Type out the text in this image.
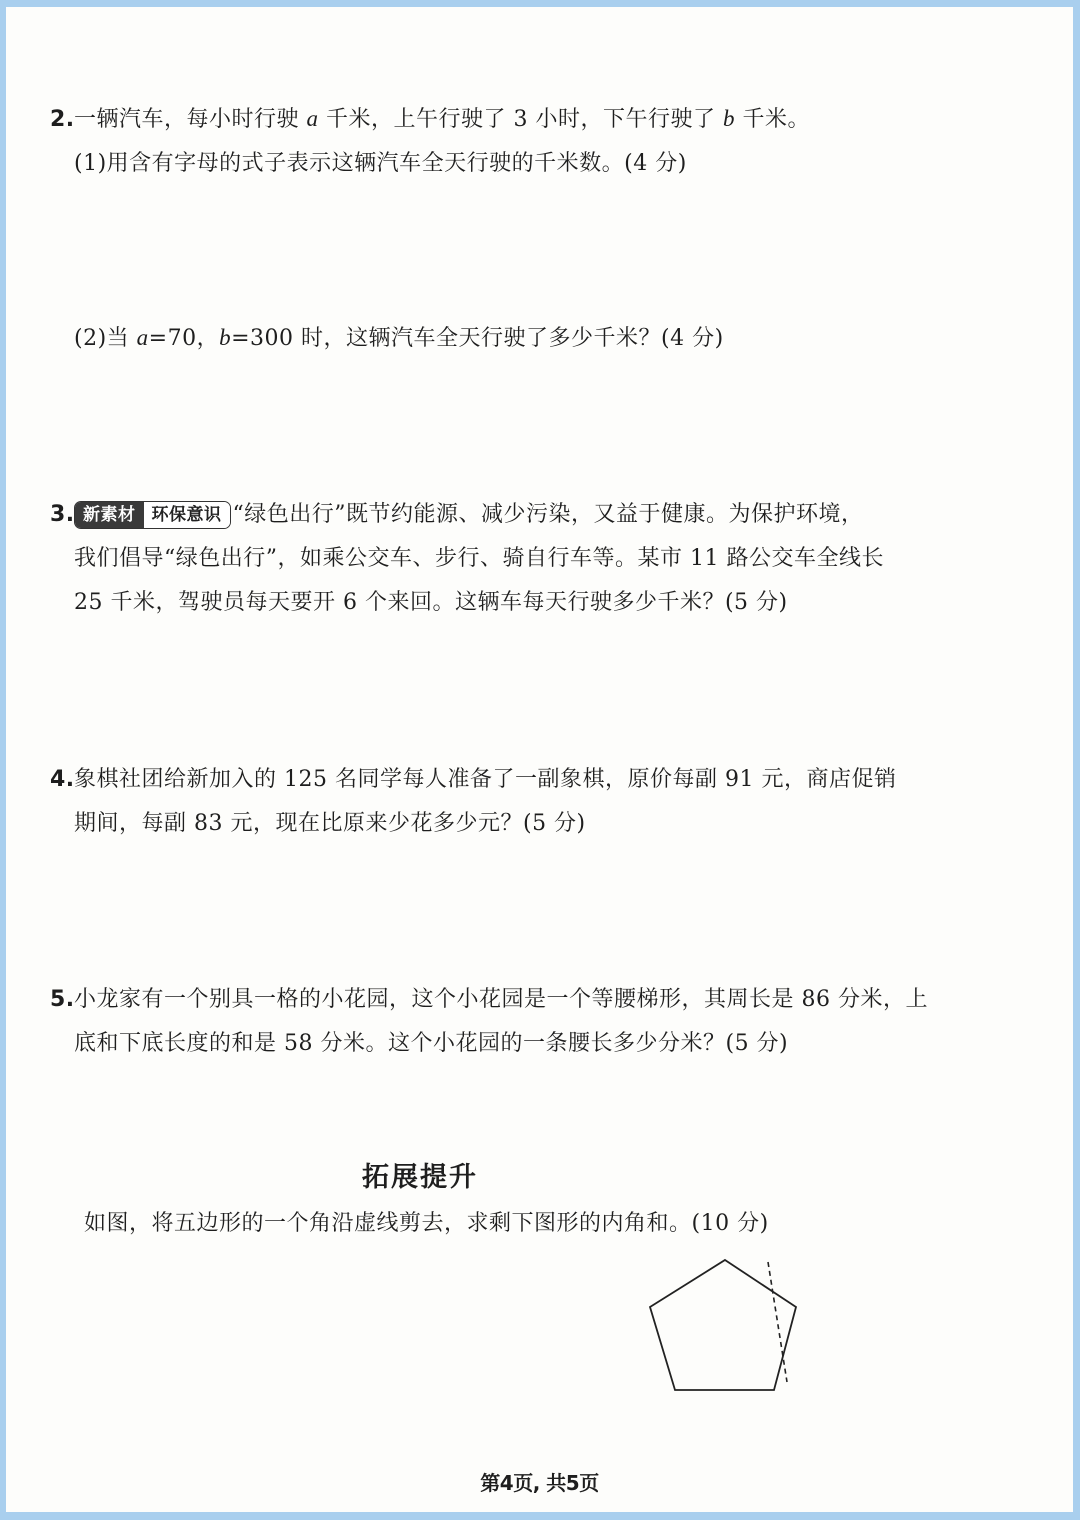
2.一辆汽车，每小时行驶 a 千米，上午行驶了 3 小时，下午行驶了 b 千米。
(1)用含有字母的式子表示这辆汽车全天行驶的千米数。(4 分)
(2)当 a=70，b=300 时，这辆汽车全天行驶了多少千米？(4 分)
3. 新素材 环保意识 “绿色出行”既节约能源、减少污染，又益于健康。为保护环境，
我们倡导“绿色出行”，如乘公交车、步行、骑自行车等。某市 11 路公交车全线长
25 千米，驾驶员每天要开 6 个来回。这辆车每天行驶多少千米？(5 分)
4.象棋社团给新加入的 125 名同学每人准备了一副象棋，原价每副 91 元，商店促销
期间，每副 83 元，现在比原来少花多少元？(5 分)
5.小龙家有一个别具一格的小花园，这个小花园是一个等腰梯形，其周长是 86 分米，上
底和下底长度的和是 58 分米。这个小花园的一条腰长多少分米？(5 分)
拓展提升
如图，将五边形的一个角沿虚线剪去，求剩下图形的内角和。(10 分)
第4页, 共5页
